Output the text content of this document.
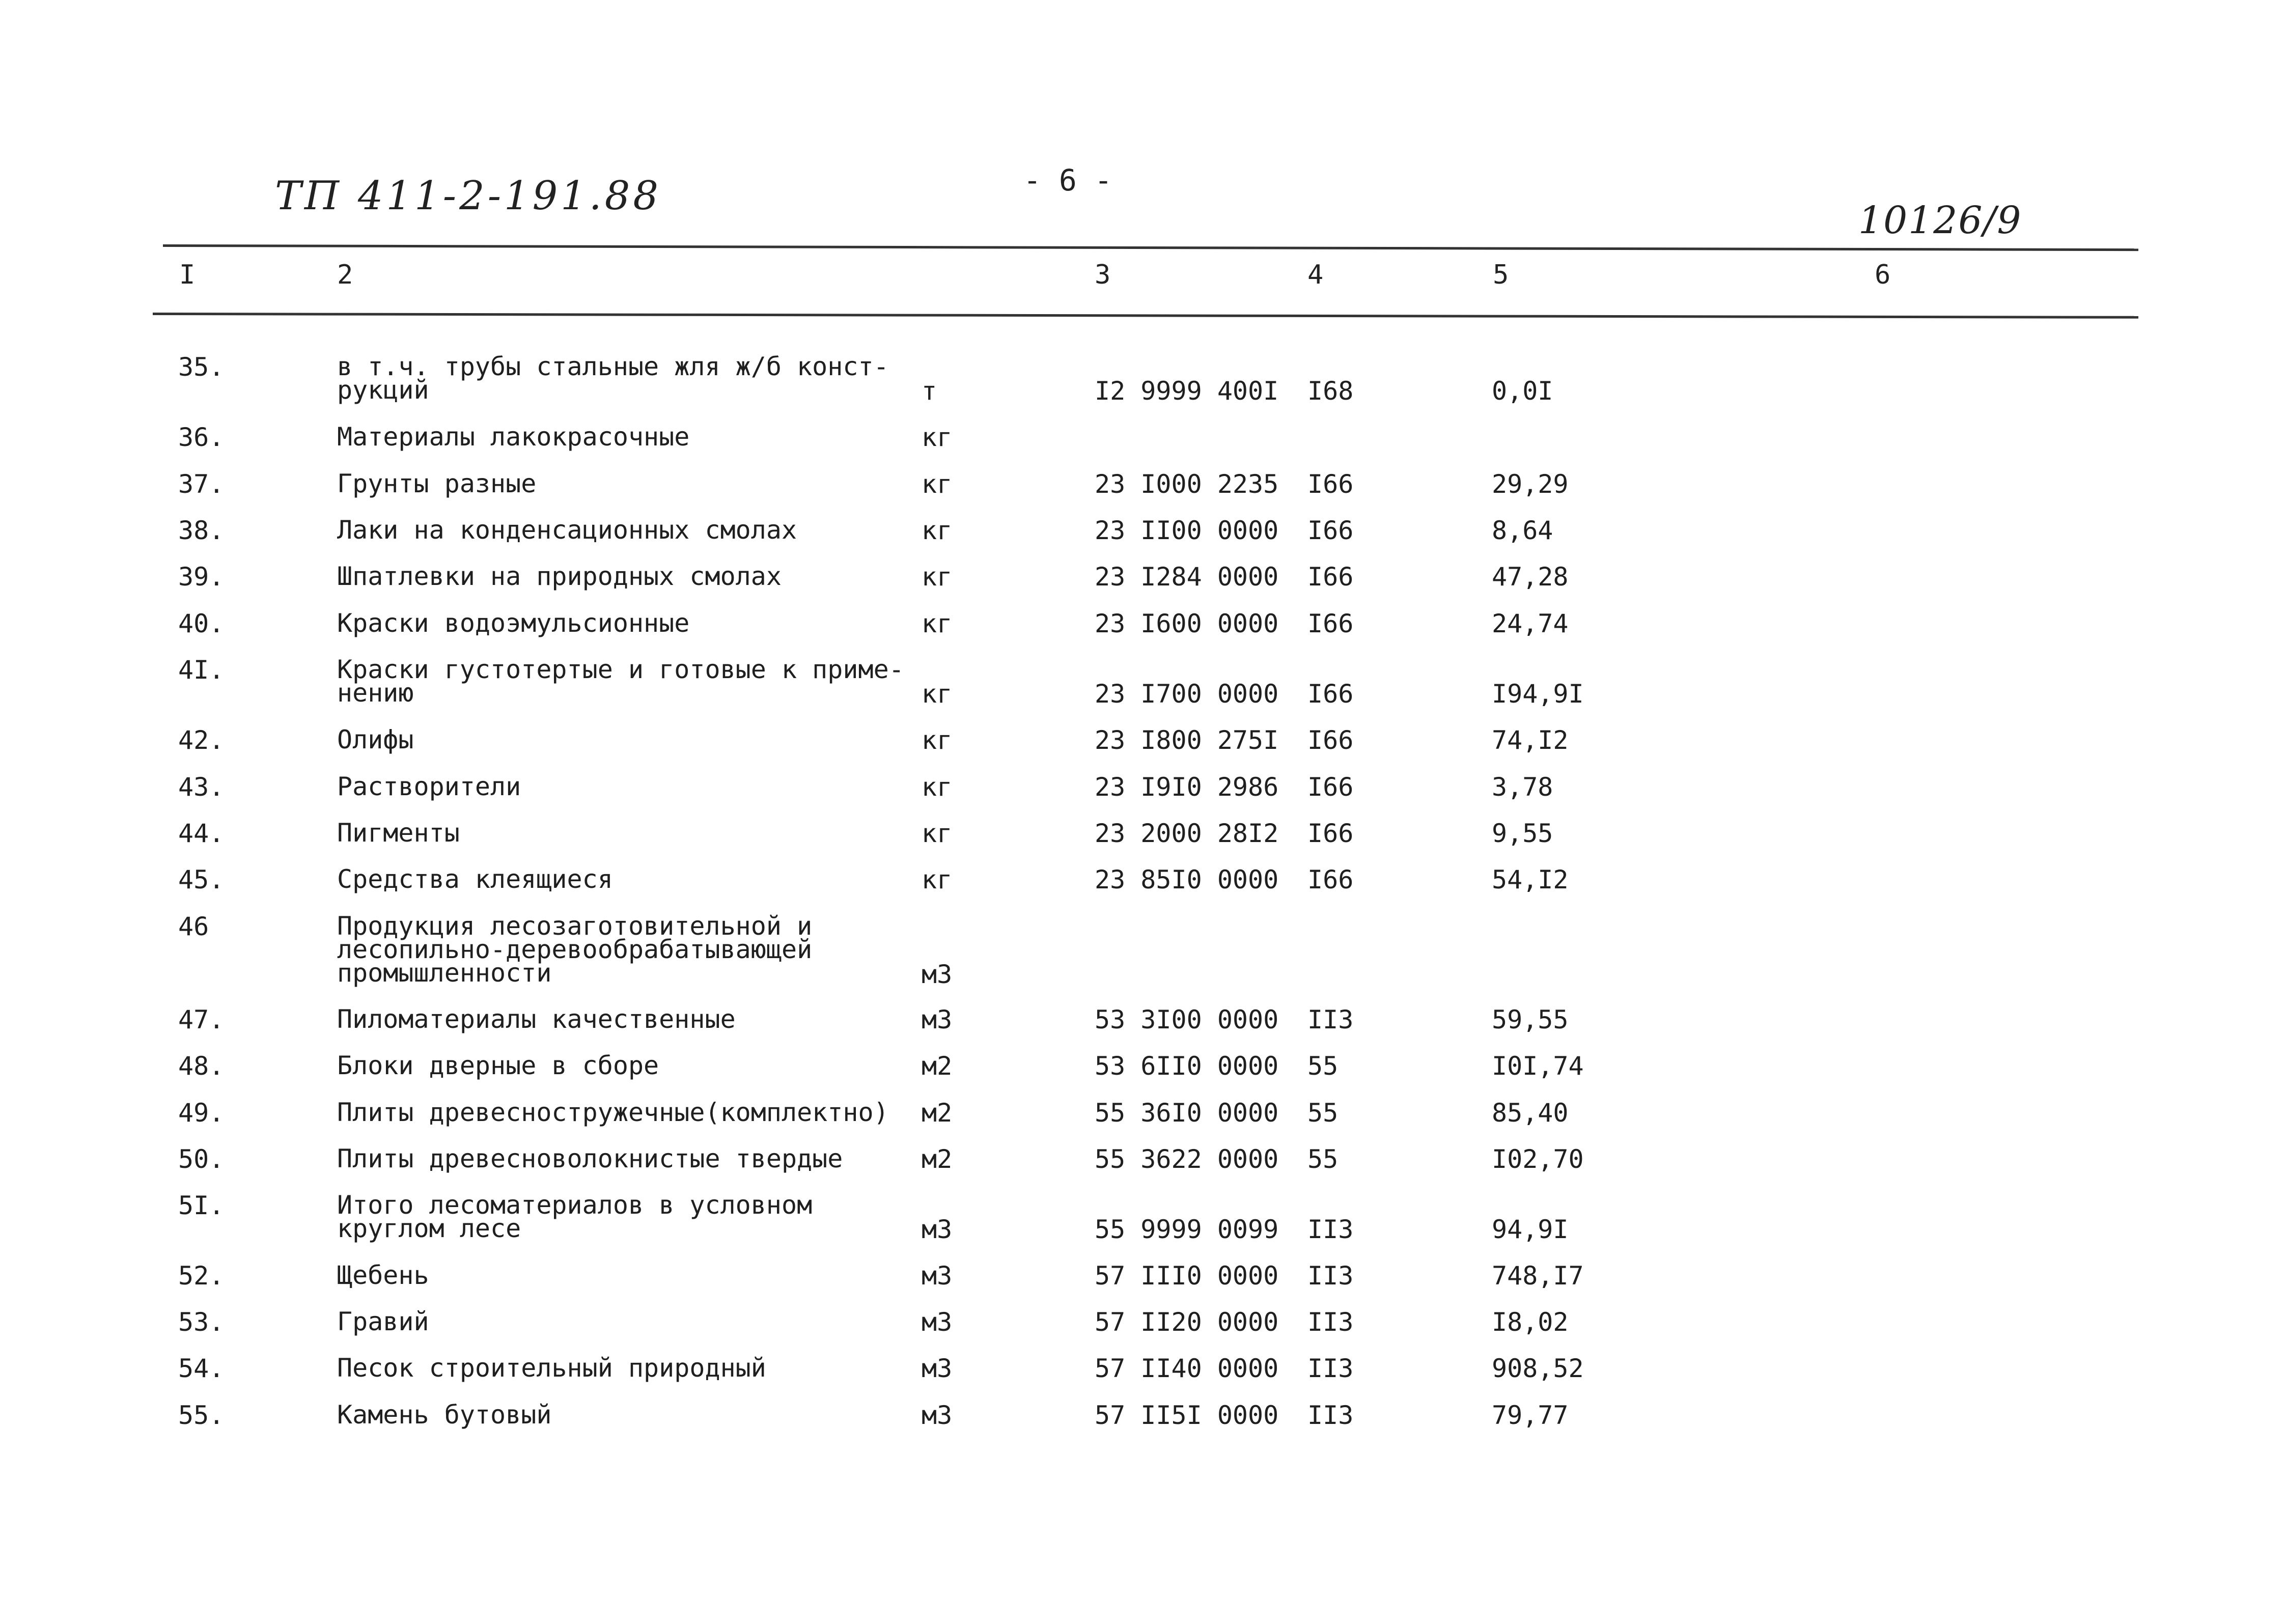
ТП 411-2-191.88	- 6 -
10126/9
I	2	3	4	5	6
35.	в т.ч. трубы стальные жля ж/б конст-
рукций	т	I2 9999 400I I68	0,0I
36.	Материалы лакокрасочные	кг
37.	Грунты разные	кг	23 I000 2235 I66	29,29
38.	Лаки на конденсационных смолах	кг	23 II00 0000 I66	8,64
39.	Шпатлевки на природных смолах	кг	23 I284 0000 I66	47,28
40.	Краски водоэмульсионные	кг	23 I600 0000 I66	24,74
4I.	Краски густотертые и готовые к приме-
нению	кг	23 I700 0000 I66	I94,9I
42.	Олифы	кг	23 I800 275I I66	74,I2
43.	Растворители	кг	23 I9I0 2986 I66	3,78
44.	Пигменты	кг	23 2000 28I2 I66	9,55
45.	Средства клеящиеся	кг	23 85I0 0000 I66	54,I2
46	Продукция лесозаготовительной и
лесопильно-деревообрабатывающей
промышленности	м3
47.	Пиломатериалы качественные	м3	53 3I00 0000 II3	59,55
48.	Блоки дверные в сборе	м2	53 6II0 0000 55	I0I,74
49.	Плиты древесностружечные(комплектно) м2	55 36I0 0000 55	85,40
50.	Плиты древесноволокнистые твердые	м2	55 3622 0000 55	I02,70
5I.	Итого лесоматериалов в условном
круглом лесе	м3	55 9999 0099 II3	94,9I
52.	Щебень	м3	57 III0 0000 II3	748,I7
53.	Гравий	м3	57 II20 0000 II3	I8,02
54.	Песок строительный природный	м3	57 II40 0000 II3	908,52
55.	Камень бутовый	м3	57 II5I 0000 II3	79,77
